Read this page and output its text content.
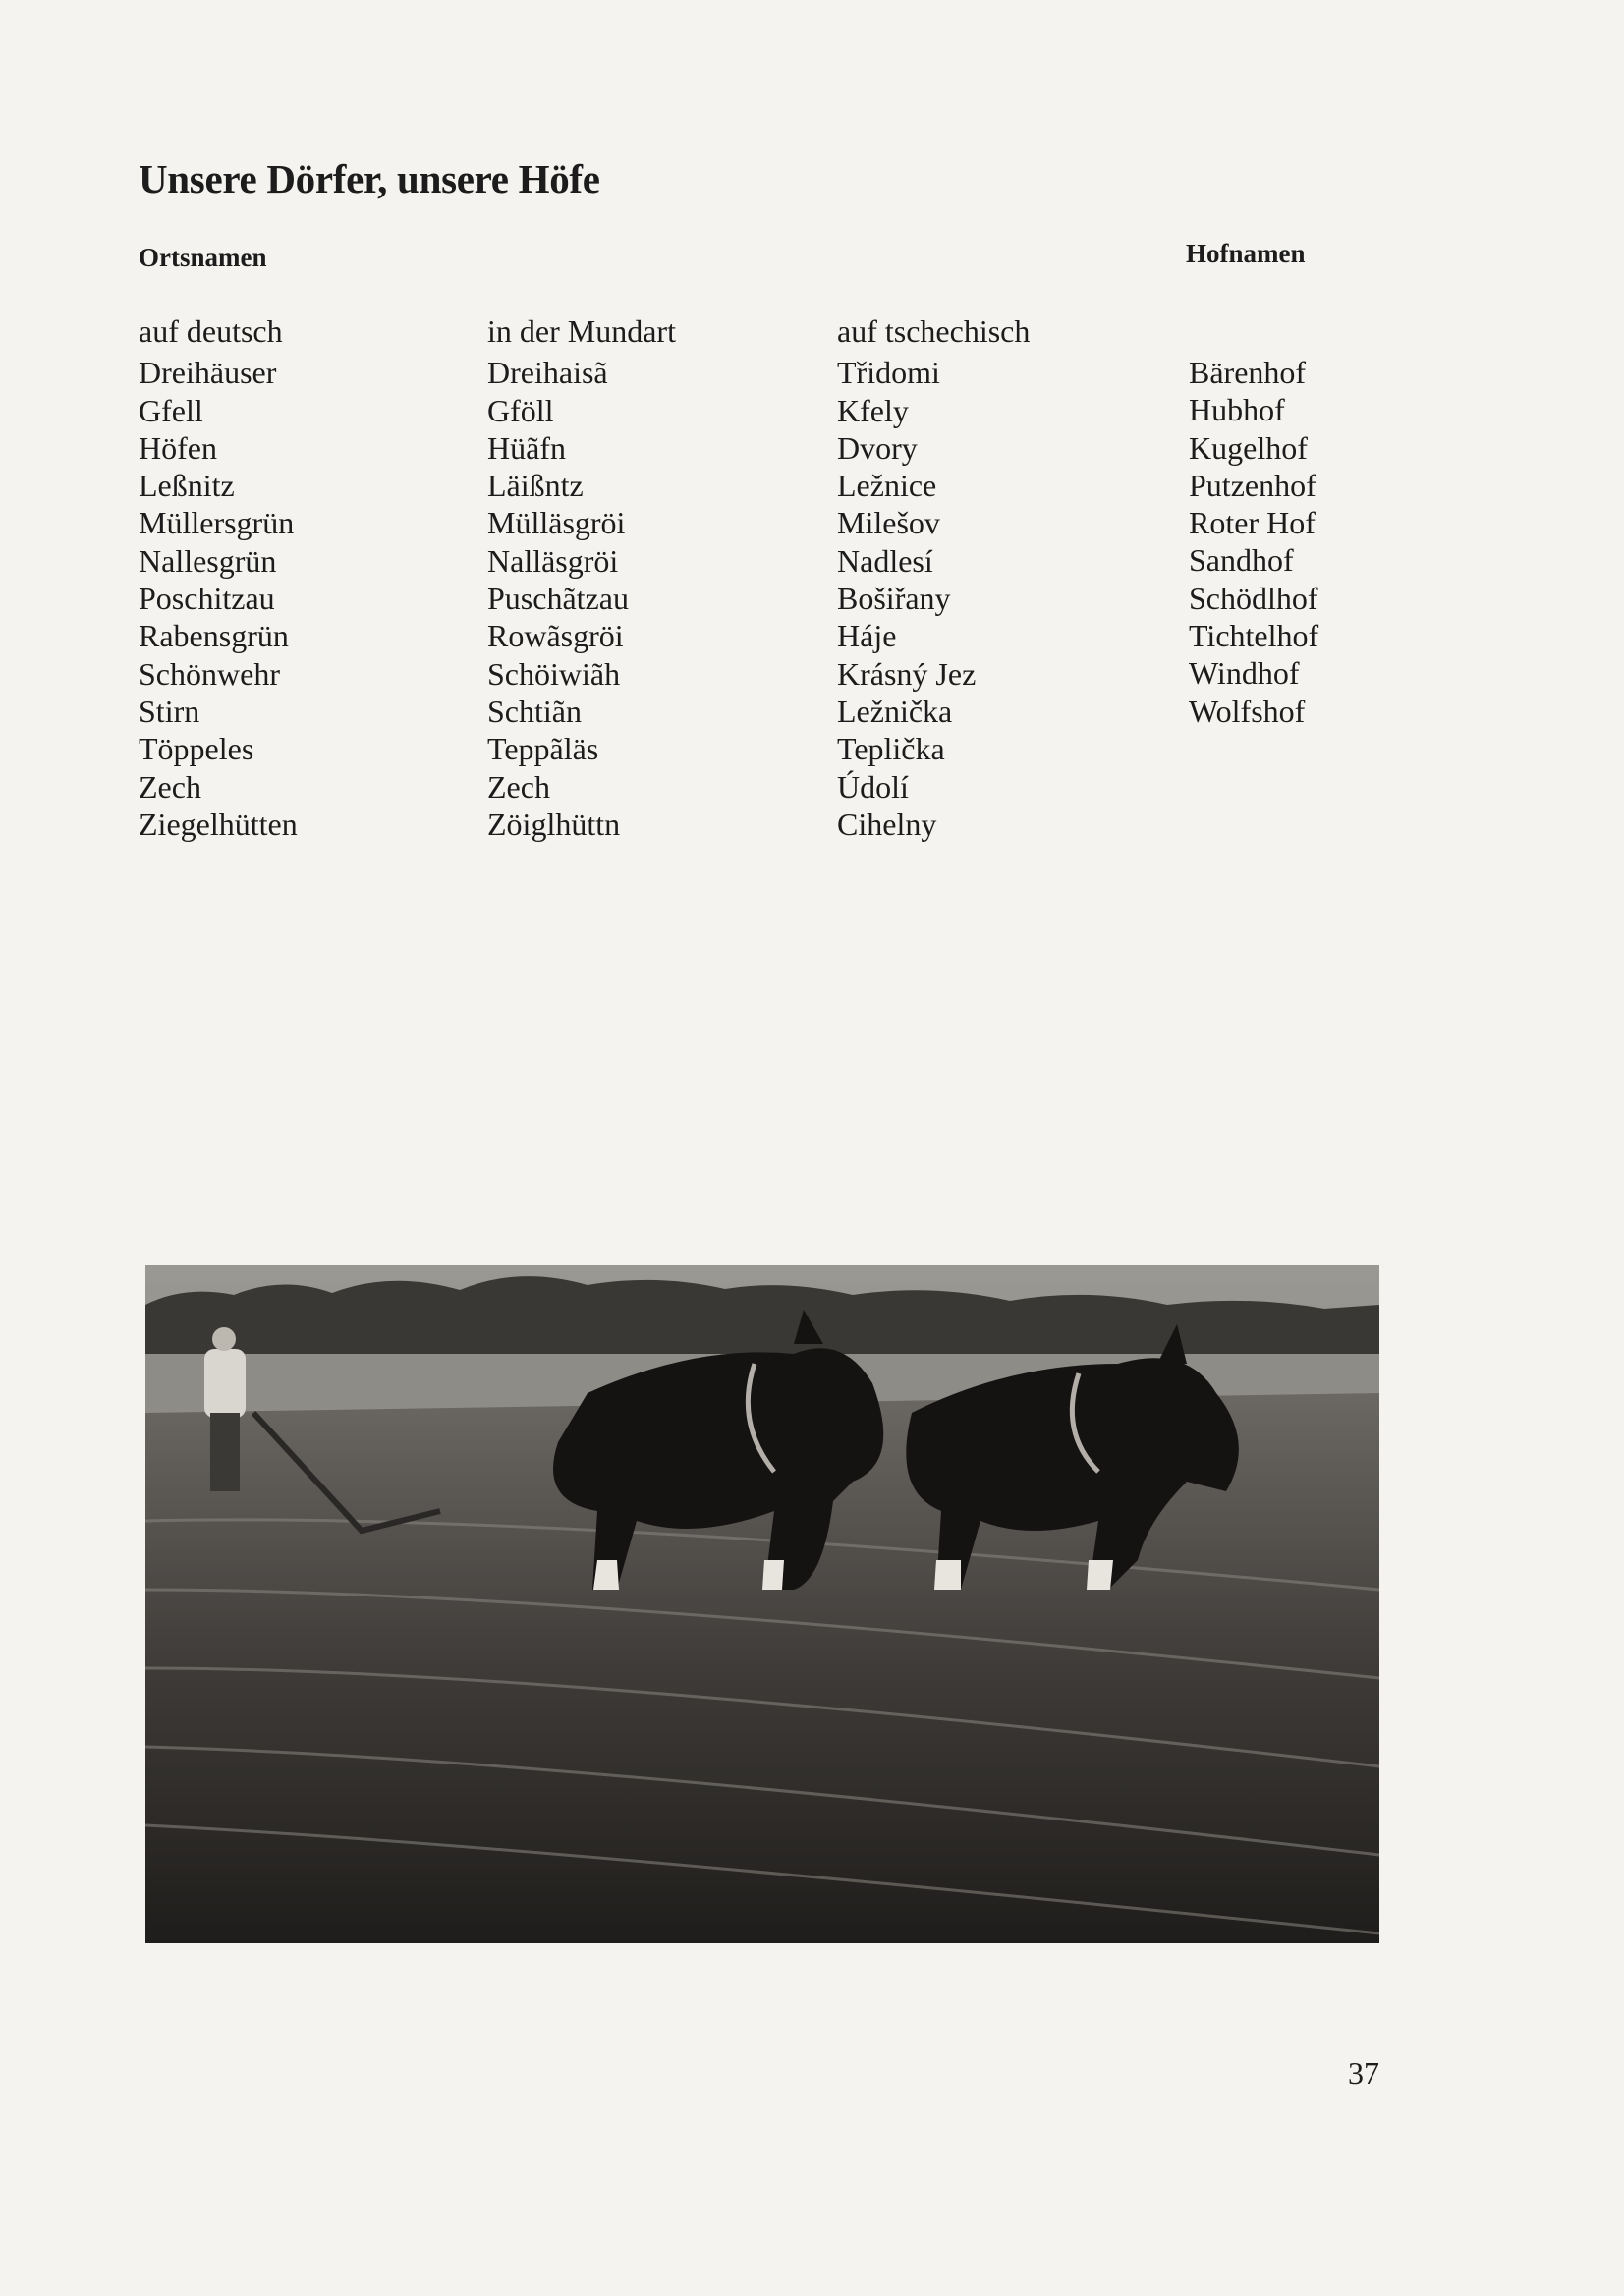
Unsere Dörfer, unsere Höfe
Ortsnamen	Hofnamen
auf deutsch
Dreihäuser
Gfell
Höfen
Leßnitz
Müllersgrün
Nallesgrün
Poschitzau
Rabensgrün
Schönwehr
Stirn
Töppeles
Zech
Ziegelhütten
in der Mundart
Dreihaisã
Gföll
Hüãfn
Läißntz
Mülläsgröi
Nalläsgröi
Puschãtzau
Rowãsgröi
Schöiwiãh
Schtiãn
Teppãläs
Zech
Zöiglhüttn
auf tschechisch
Třidomi
Kfely
Dvory
Ležnice
Milešov
Nadlesí
Bošiřany
Háje
Krásný Jez
Ležnička
Teplička
Údolí
Cihelny
Bärenhof
Hubhof
Kugelhof
Putzenhof
Roter Hof
Sandhof
Schödlhof
Tichtelhof
Windhof
Wolfshof
37
